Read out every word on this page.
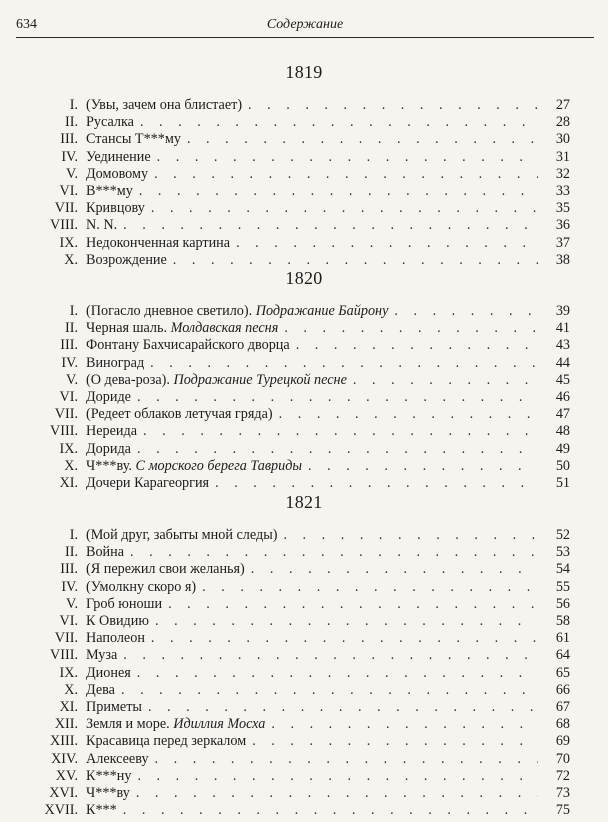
634	Содержание
1819
I. (Увы, зачем она блистает) . . .	27
II. Русалка . . .	28
III. Стансы Т***му . . .	30
IV. Уединение . . .	31
V. Домовому . . .	32
VI. В***му . . .	33
VII. Кривцову . . .	35
VIII. N. N. . . .	36
IX. Недоконченная картина . . .	37
X. Возрождение . . .	38
1820
I. (Погасло дневное светило). Подражание Байрону . . .	39
II. Черная шаль. Молдавская песня . . .	41
III. Фонтану Бахчисарайского дворца . . .	43
IV. Виноград . . .	44
V. (О дева-роза). Подражание Турецкой песне . . .	45
VI. Дориде . . .	46
VII. (Редеет облаков летучая гряда) . . .	47
VIII. Нереида . . .	48
IX. Дорида . . .	49
X. Ч***ву. С морского берега Тавриды . . .	50
XI. Дочери Карагеоргия . . .	51
1821
I. (Мой друг, забыты мной следы) . . .	52
II. Война . . .	53
III. (Я пережил свои желанья) . . .	54
IV. (Умолкну скоро я) . . .	55
V. Гроб юноши . . .	56
VI. К Овидию . . .	58
VII. Наполеон . . .	61
VIII. Муза . . .	64
IX. Дионея . . .	65
X. Дева . . .	66
XI. Приметы . . .	67
XII. Земля и море. Идиллия Мосха . . .	68
XIII. Красавица перед зеркалом . . .	69
XIV. Алексееву . . .	70
XV. К***ну . . .	72
XVI. Ч***ву . . .	73
XVII. К*** . . .	75
